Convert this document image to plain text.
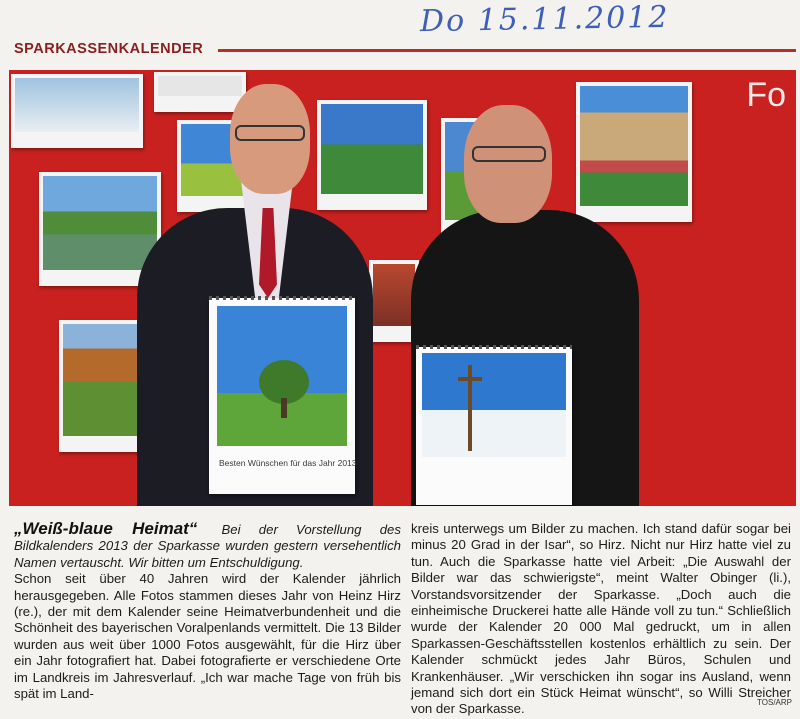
Do 15.11.2012
SPARKASSENKALENDER
Fo
Besten Wünschen für das Jahr 2013
„Weiß-blaue Heimat“ Bei der Vorstellung des Bildkalenders 2013 der Sparkasse wurden gestern versehentlich Namen vertauscht. Wir bitten um Entschuldigung.

Schon seit über 40 Jahren wird der Kalender jährlich herausgegeben. Alle Fotos stammen dieses Jahr von Heinz Hirz (re.), der mit dem Kalender seine Heimatverbundenheit und die Schönheit des bayerischen Voralpenlands vermittelt. Die 13 Bilder wurden aus weit über 1000 Fotos ausgewählt, für die Hirz über ein Jahr fotografiert hat. Dabei fotografierte er verschiedene Orte im Landkreis im Jahresverlauf. „Ich war mache Tage von früh bis spät im Land-

kreis unterwegs um Bilder zu machen. Ich stand dafür sogar bei minus 20 Grad in der Isar“, so Hirz. Nicht nur Hirz hatte viel zu tun. Auch die Sparkasse hatte viel Arbeit: „Die Auswahl der Bilder war das schwierigste“, meint Walter Obinger (li.), Vorstandsvorsitzender der Sparkasse. „Doch auch die einheimische Druckerei hatte alle Hände voll zu tun.“ Schließlich wurde der Kalender 20 000 Mal gedruckt, um in allen Sparkassen-Geschäftsstellen kostenlos erhältlich zu sein. Der Kalender schmückt jedes Jahr Büros, Schulen und Krankenhäuser. „Wir verschicken ihn sogar ins Ausland, wenn jemand sich dort ein Stück Heimat wünscht“, so Willi Streicher von der Sparkasse.	TOS/ARP
